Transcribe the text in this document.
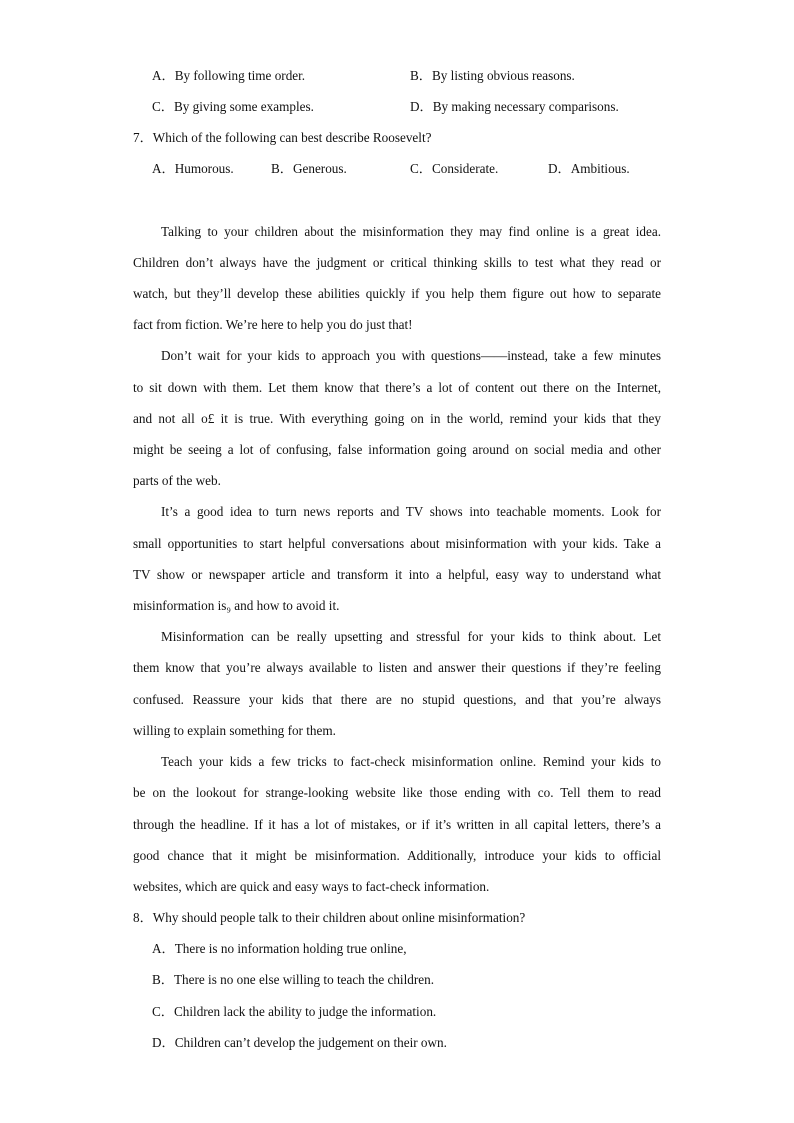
A．By following time order.	B．By listing obvious reasons.
C．By giving some examples.	D．By making necessary comparisons.
7．Which of the following can best describe Roosevelt?
A．Humorous.	B．Generous.	C．Considerate.	D．Ambitious.
Talking to your children about the misinformation they may find online is a great idea.
Children don’t always have the judgment or critical thinking skills to test what they read or
watch, but they’ll develop these abilities quickly if you help them figure out how to separate
fact from fiction. We’re here to help you do just that!
Don’t wait for your kids to approach you with questions——instead, take a few minutes
to sit down with them. Let them know that there’s a lot of content out there on the Internet,
and not all o£ it is true. With everything going on in the world, remind your kids that they
might be seeing a lot of confusing, false information going around on social media and other
parts of the web.
It’s a good idea to turn news reports and TV shows into teachable moments. Look for
small opportunities to start helpful conversations about misinformation with your kids. Take a
TV show or newspaper article and transform it into a helpful, easy way to understand what
misinformation is₉ and how to avoid it.
Misinformation can be really upsetting and stressful for your kids to think about. Let
them know that you’re always available to listen and answer their questions if they’re feeling
confused. Reassure your kids that there are no stupid questions, and that you’re always
willing to explain something for them.
Teach your kids a few tricks to fact-check misinformation online. Remind your kids to
be on the lookout for strange-looking website like those ending with co. Tell them to read
through the headline. If it has a lot of mistakes, or if it’s written in all capital letters, there’s a
good chance that it might be misinformation. Additionally, introduce your kids to official
websites, which are quick and easy ways to fact-check information.
8．Why should people talk to their children about online misinformation?
A．There is no information holding true online,
B．There is no one else willing to teach the children.
C．Children lack the ability to judge the information.
D．Children can’t develop the judgement on their own.
